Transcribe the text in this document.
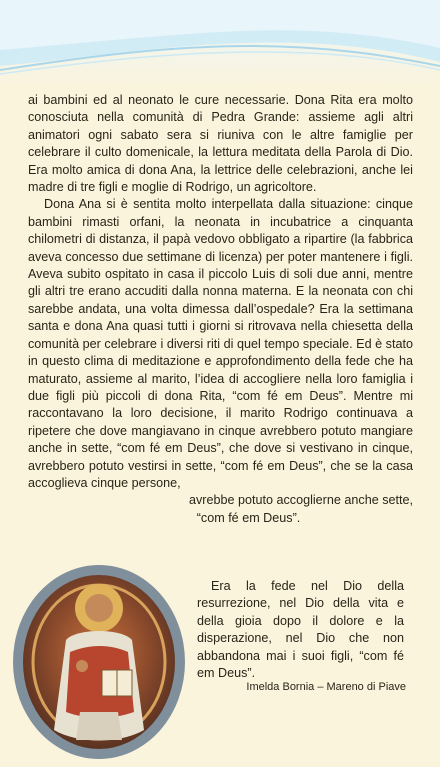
ai bambini ed al neonato le cure necessarie. Dona Rita era molto conosciuta nella comunità di Pedra Grande: assieme agli altri animatori ogni sabato sera si riuniva con le altre famiglie per celebrare il culto domenicale, la lettura meditata della Parola di Dio. Era molto amica di dona Ana, la lettrice delle celebrazioni, anche lei madre di tre figli e moglie di Rodrigo, un agricoltore.

Dona Ana si è sentita molto interpellata dalla situazione: cinque bambini rimasti orfani, la neonata in incubatrice a cinquanta chilometri di distanza, il papà vedovo obbligato a ripartire (la fabbrica aveva concesso due settimane di licenza) per poter mantenere i figli. Aveva subito ospitato in casa il piccolo Luis di soli due anni, mentre gli altri tre erano accuditi dalla nonna materna. E la neonata con chi sarebbe andata, una volta dimessa dall’ospedale? Era la settimana santa e dona Ana quasi tutti i giorni si ritrovava nella chiesetta della comunità per celebrare i diversi riti di quel tempo speciale. Ed è stato in questo clima di meditazione e approfondimento della fede che ha maturato, assieme al marito, l’idea di accogliere nella loro famiglia i due figli più piccoli di dona Rita, “com fé em Deus”. Mentre mi raccontavano la loro decisione, il marito Rodrigo continuava a ripetere che dove mangiavano in cinque avrebbero potuto mangiare anche in sette, “com fé em Deus”, che dove si vestivano in cinque, avrebbero potuto vestirsi in sette, “com fé em Deus”, che se la casa accoglieva cinque persone,
avrebbe potuto accoglierne anche sette,
“com fé em Deus”.

Era la fede nel Dio della resurrezione, nel Dio della vita e della gioia dopo il dolore e la disperazione, nel Dio che non abbandona mai i suoi figli, “com fé em Deus”.

Imelda Bornia – Mareno di Piave
